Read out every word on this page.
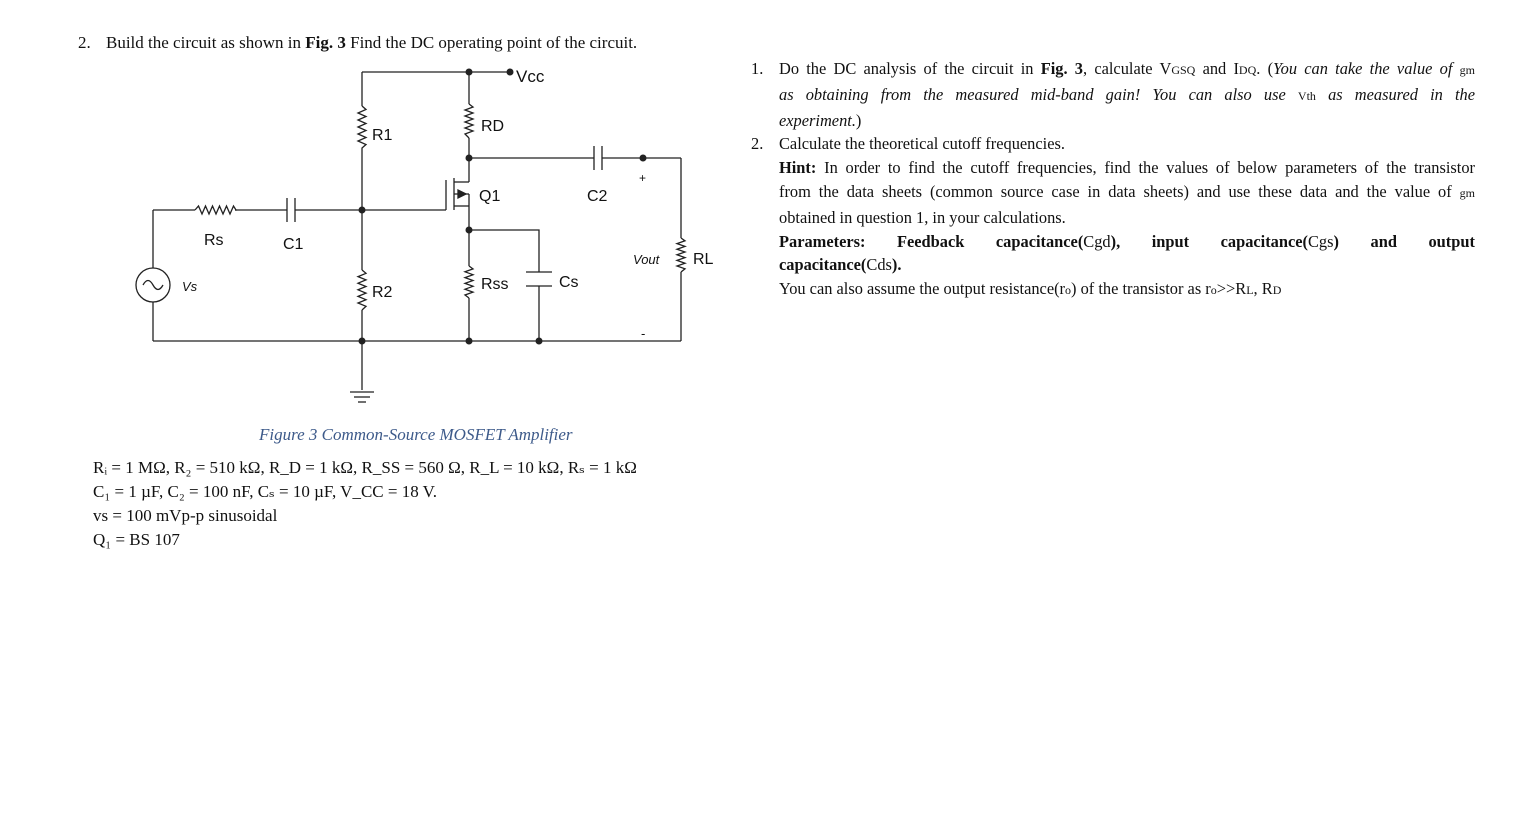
2. Build the circuit as shown in Fig. 3 Find the DC operating point of the circuit.
Vcc
R1
RD
Q1	C2
+
Rs	C1
Vout RL
Vs	R2	Rss	Cs
-
Figure 3 Common-Source MOSFET Amplifier
Rᵢ = 1 MΩ, R₂ = 510 kΩ, R_D = 1 kΩ, R_SS = 560 Ω, R_L = 10 kΩ, Rₛ = 1 kΩ
C₁ = 1 µF, C₂ = 100 nF, Cₛ = 10 µF, V_CC = 18 V.
vs = 100 mVp-p sinusoidal
Q₁ = BS 107
1. Do the DC analysis of the circuit in Fig. 3, calculate VGSQ and IDQ. (You can take the value of gm
as obtaining from the measured mid-band gain! You can also use Vth as measured in the
experiment.)
2. Calculate the theoretical cutoff frequencies.
Hint: In order to find the cutoff frequencies, find the values of below parameters of the transistor
from the data sheets (common source case in data sheets) and use these data and the value of gm
obtained in question 1, in your calculations.
Parameters: Feedback capacitance(Cgd), input capacitance(Cgs) and output
capacitance(Cds).
You can also assume the output resistance(ro) of the transistor as ro>>RL, RD
